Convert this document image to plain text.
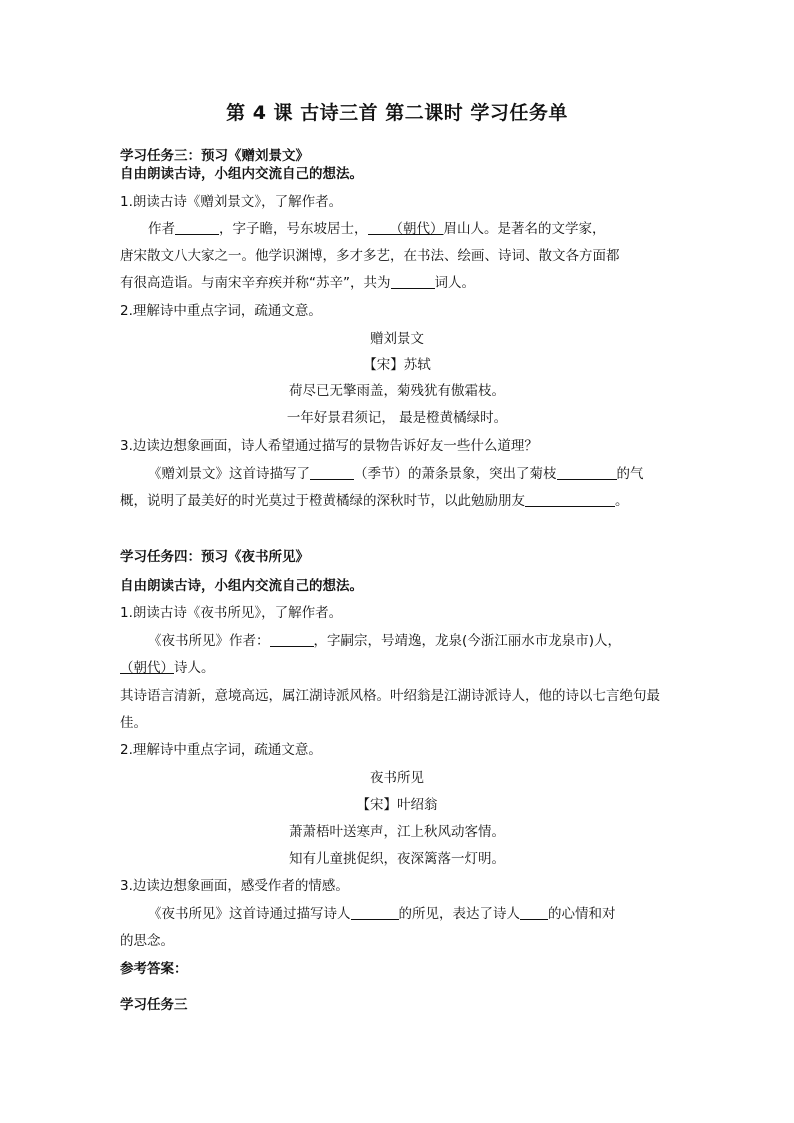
第 4 课 古诗三首 第二课时 学习任务单
学习任务三：预习《赠刘景文》
自由朗读古诗，小组内交流自己的想法。
1.朗读古诗《赠刘景文》，了解作者。
作者	，字子瞻，号东坡居士， （朝代）眉山人。是著名的文学家，
唐宋散文八大家之一。他学识渊博，多才多艺，在书法、绘画、诗词、散文各方面都
有很高造诣。与南宋辛弃疾并称“苏辛”，共为	词人。
2.理解诗中重点字词，疏通文意。
赠刘景文
【宋】苏轼
荷尽已无擎雨盖，菊残犹有傲霜枝。
一年好景君须记， 最是橙黄橘绿时。
3.边读边想象画面，诗人希望通过描写的景物告诉好友一些什么道理？
《赠刘景文》这首诗描写了	（季节）的萧条景象，突出了菊枝	的气
概，说明了最美好的时光莫过于橙黄橘绿的深秋时节，以此勉励朋友	。
学习任务四：预习《夜书所见》
自由朗读古诗，小组内交流自己的想法。
1.朗读古诗《夜书所见》，了解作者。
《夜书所见》作者：	，字嗣宗，号靖逸，龙泉(今浙江丽水市龙泉市)人，
（朝代）诗人。
其诗语言清新，意境高远，属江湖诗派风格。叶绍翁是江湖诗派诗人，他的诗以七言绝句最
佳。
2.理解诗中重点字词，疏通文意。
夜书所见
【宋】叶绍翁
萧萧梧叶送寒声，江上秋风动客情。
知有儿童挑促织，夜深篱落一灯明。
3.边读边想象画面，感受作者的情感。
《夜书所见》这首诗通过描写诗人	的所见，表达了诗人 的心情和对
的思念。
参考答案：
学习任务三
